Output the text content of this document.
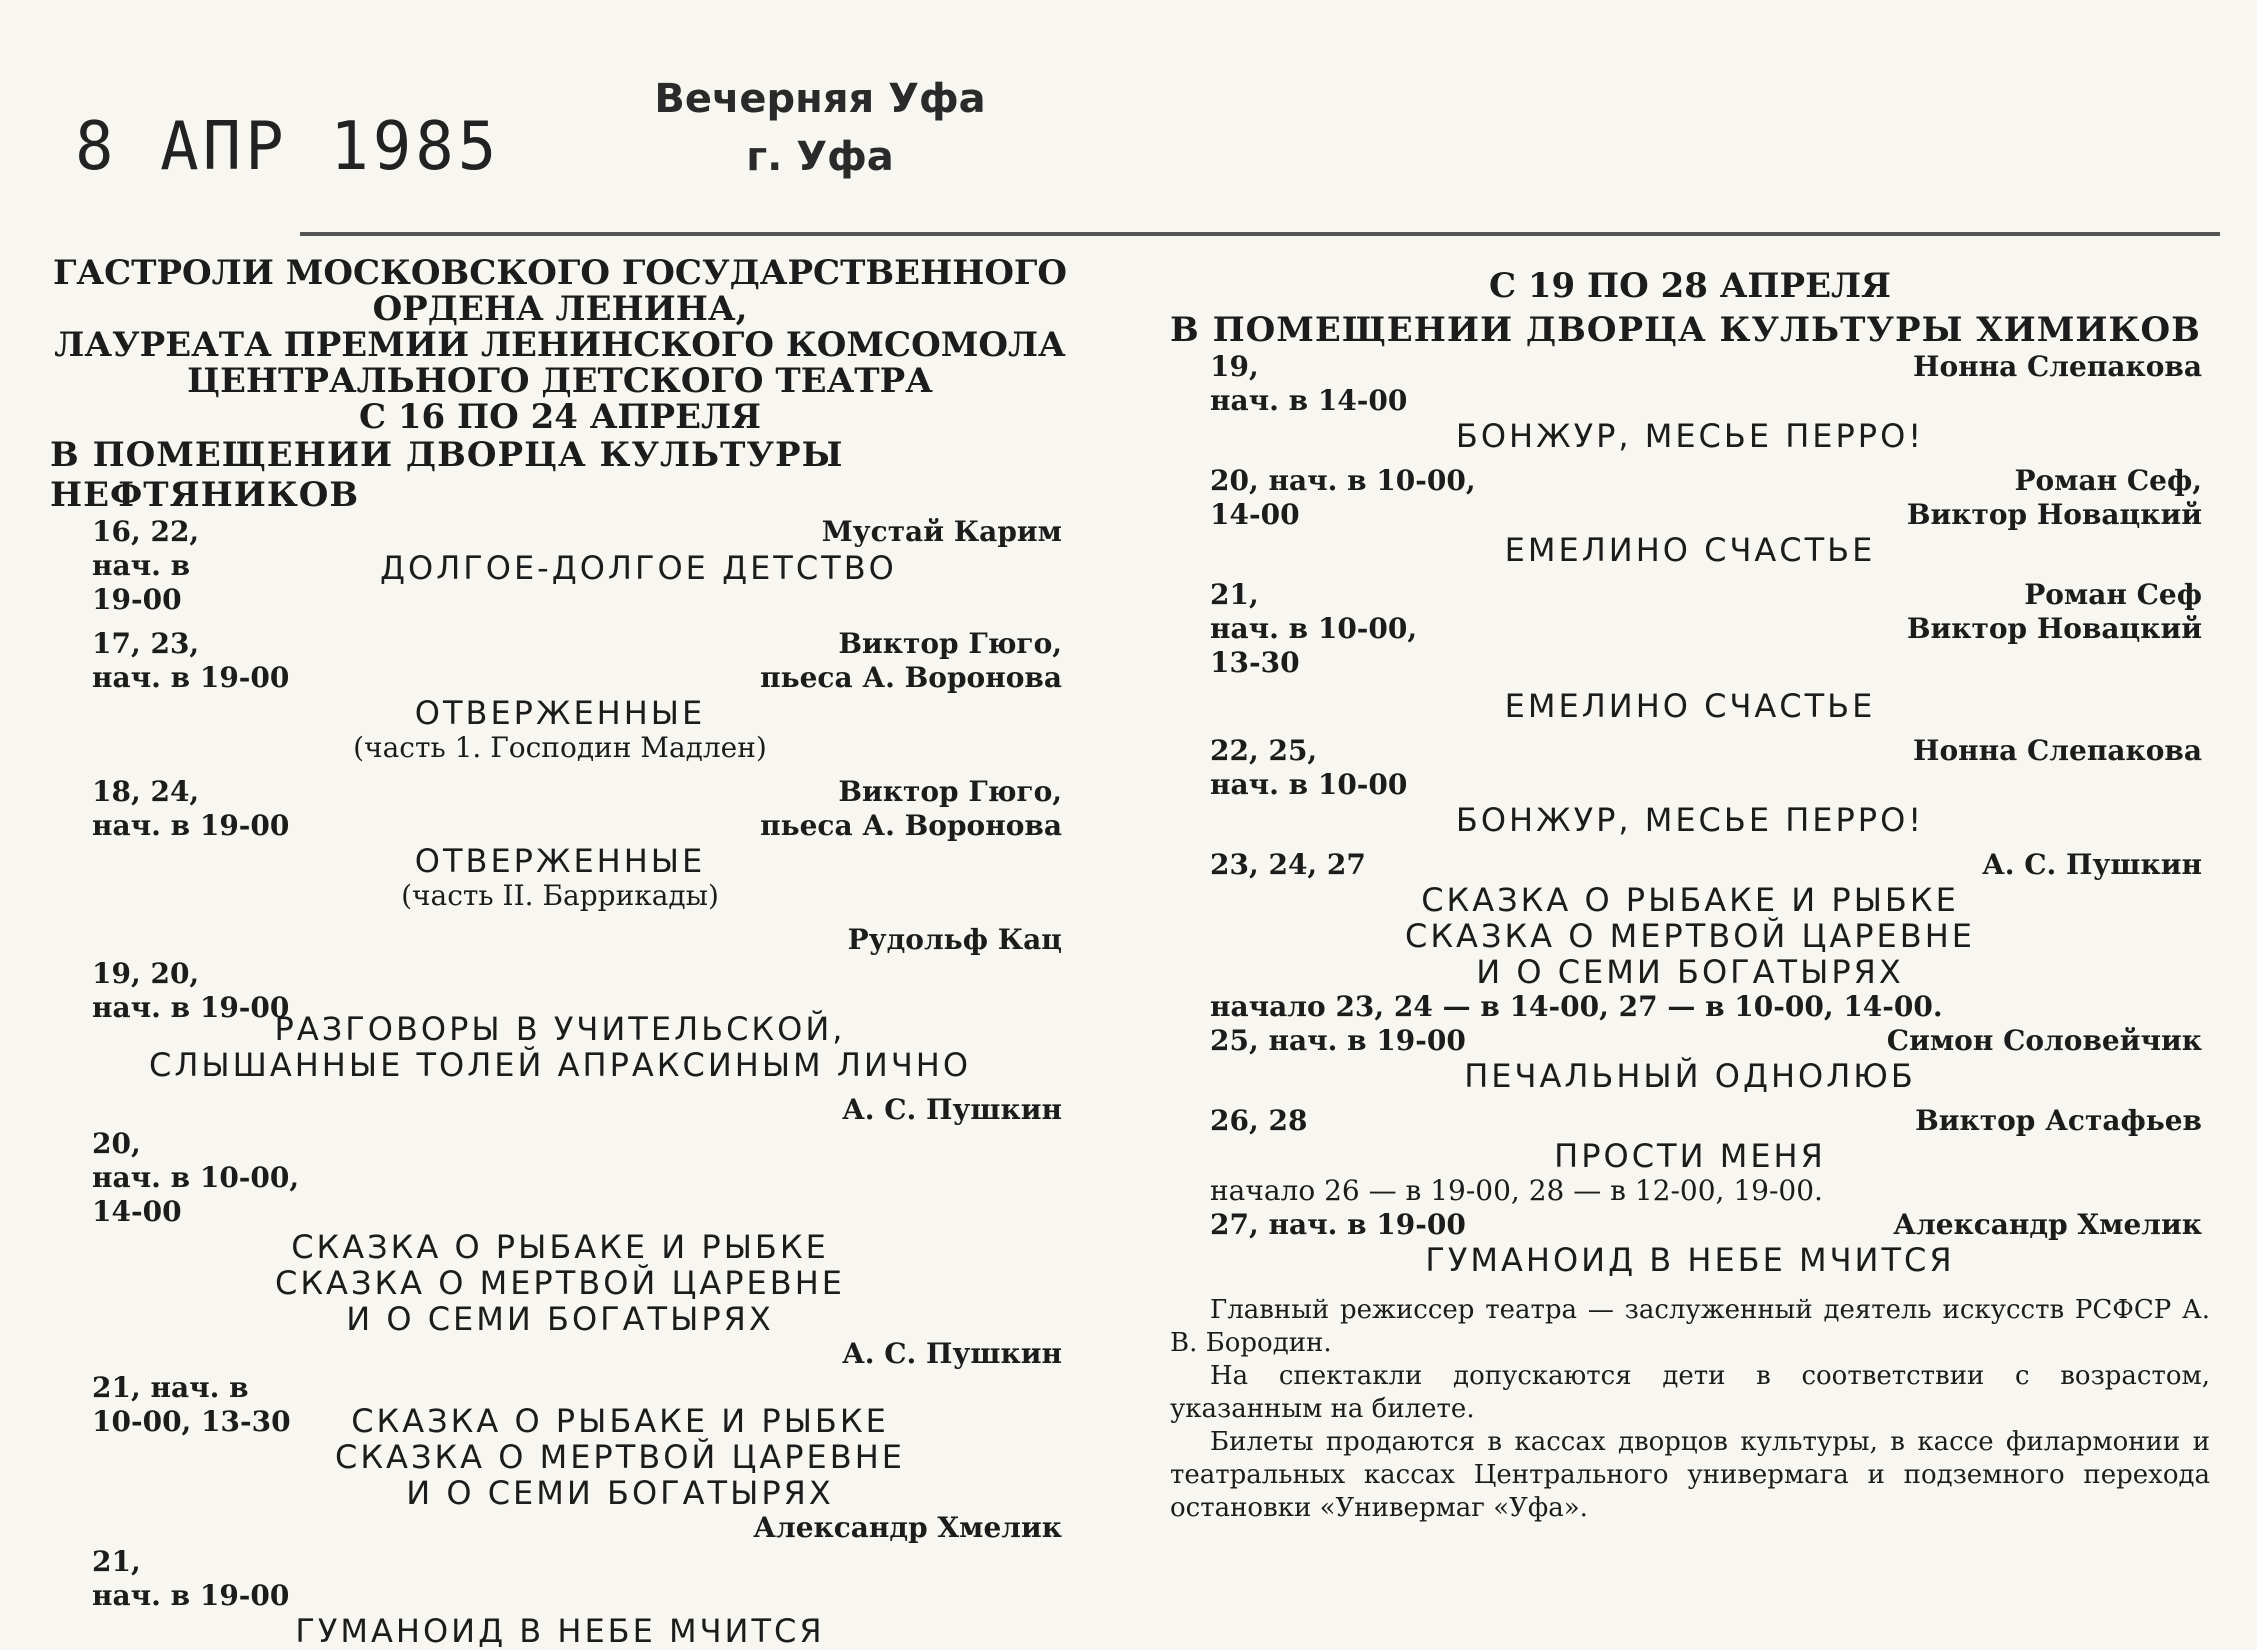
8 АПР 1985
Вечерняя Уфа
г. Уфа
ГАСТРОЛИ МОСКОВСКОГО ГОСУДАРСТВЕННОГО
ОРДЕНА ЛЕНИНА,
ЛАУРЕАТА ПРЕМИИ ЛЕНИНСКОГО КОМСОМОЛА
ЦЕНТРАЛЬНОГО ДЕТСКОГО ТЕАТРА
С 16 ПО 24 АПРЕЛЯ
В ПОМЕЩЕНИИ ДВОРЦА КУЛЬТУРЫ НЕФТЯНИКОВ
Мустай Карим
16, 22,
нач. в
19-00
ДОЛГОЕ-ДОЛГОЕ ДЕТСТВО
Виктор Гюго,
пьеса А. Воронова
17, 23,
нач. в 19-00
ОТВЕРЖЕННЫЕ
(часть 1. Господин Мадлен)
Виктор Гюго,
пьеса А. Воронова
18, 24,
нач. в 19-00
ОТВЕРЖЕННЫЕ
(часть II. Баррикады)
Рудольф Кац
19, 20,
нач. в 19-00
РАЗГОВОРЫ В УЧИТЕЛЬСКОЙ,
СЛЫШАННЫЕ ТОЛЕЙ АПРАКСИНЫМ ЛИЧНО
А. С. Пушкин
20,
нач. в 10-00,
14-00
СКАЗКА О РЫБАКЕ И РЫБКЕ
СКАЗКА О МЕРТВОЙ ЦАРЕВНЕ
И О СЕМИ БОГАТЫРЯХ
А. С. Пушкин
21, нач. в
10-00, 13-30	СКАЗКА О РЫБАКЕ И РЫБКЕ
СКАЗКА О МЕРТВОЙ ЦАРЕВНЕ
И О СЕМИ БОГАТЫРЯХ
Александр Хмелик
21,
нач. в 19-00
ГУМАНОИД В НЕБЕ МЧИТСЯ
С 19 ПО 28 АПРЕЛЯ
В ПОМЕЩЕНИИ ДВОРЦА КУЛЬТУРЫ ХИМИКОВ
Нонна Слепакова
19,
нач. в 14-00
БОНЖУР, МЕСЬЕ ПЕРРО!
Роман Сеф,
Виктор Новацкий
20, нач. в 10-00,
14-00
ЕМЕЛИНО СЧАСТЬЕ
Роман Сеф
Виктор Новацкий
21,
нач. в 10-00,
13-30
ЕМЕЛИНО СЧАСТЬЕ
Нонна Слепакова
22, 25,
нач. в 10-00
БОНЖУР, МЕСЬЕ ПЕРРО!
А. С. Пушкин
23, 24, 27
СКАЗКА О РЫБАКЕ И РЫБКЕ
СКАЗКА О МЕРТВОЙ ЦАРЕВНЕ
И О СЕМИ БОГАТЫРЯХ
начало 23, 24 — в 14-00, 27 — в 10-00, 14-00.
Симон Соловейчик
25, нач. в 19-00
ПЕЧАЛЬНЫЙ ОДНОЛЮБ
Виктор Астафьев
26, 28
ПРОСТИ МЕНЯ
начало 26 — в 19-00, 28 — в 12-00, 19-00.
Александр Хмелик
27, нач. в 19-00
ГУМАНОИД В НЕБЕ МЧИТСЯ
Главный режиссер театра — заслуженный деятель искусств РСФСР А. В. Бородин.
На спектакли допускаются дети в соответствии с возрастом, указанным на билете.
Билеты продаются в кассах дворцов культуры, в кассе филармонии и театральных кассах Центрального универмага и подземного перехода остановки «Универмаг «Уфа».
